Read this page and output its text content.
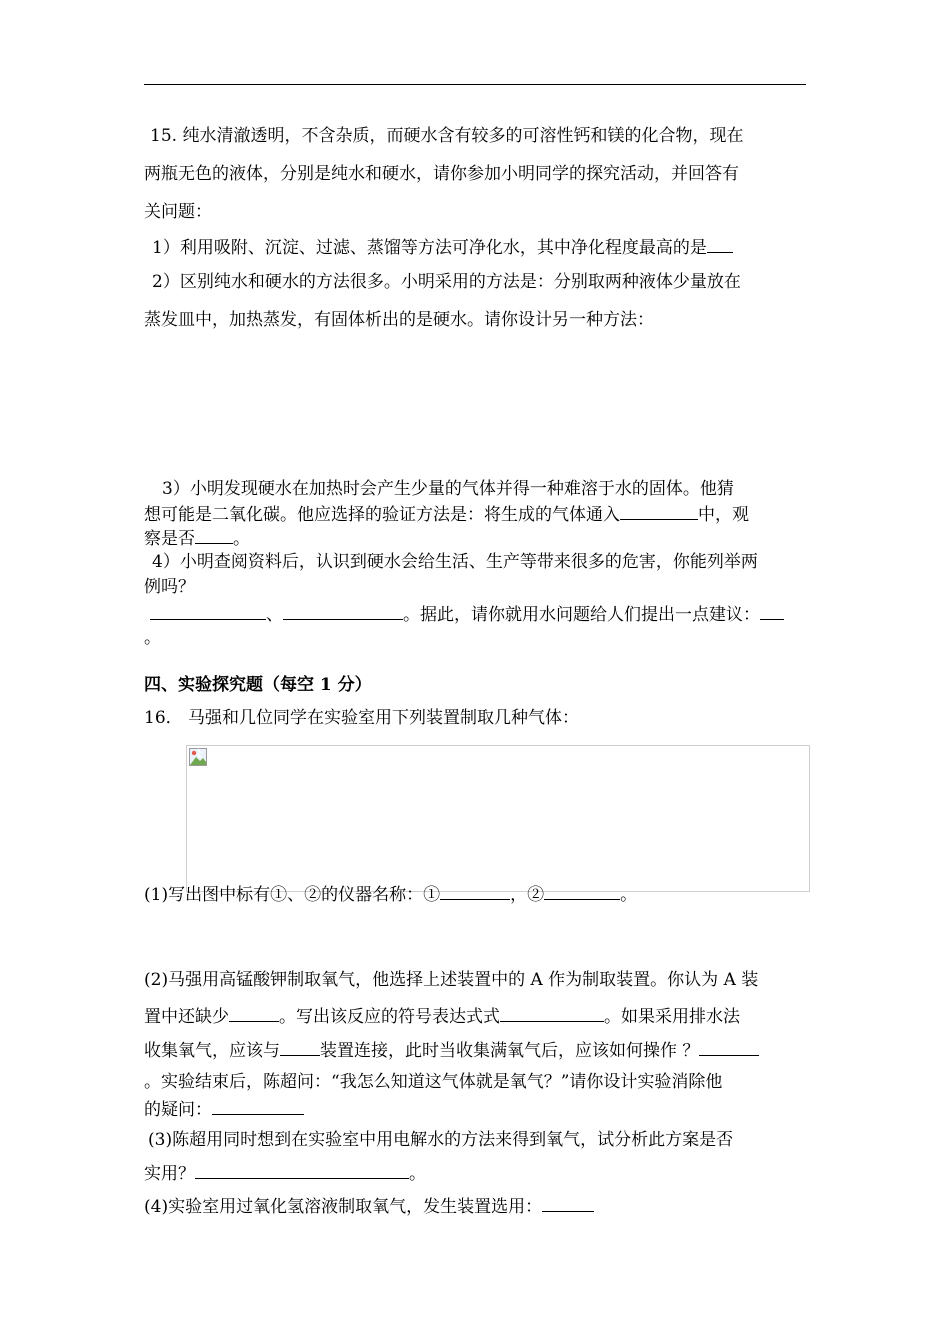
15. 纯水清澈透明，不含杂质，而硬水含有较多的可溶性钙和镁的化合物，现在
两瓶无色的液体，分别是纯水和硬水，请你参加小明同学的探究活动，并回答有
关问题：
1）利用吸附、沉淀、过滤、蒸馏等方法可净化水，其中净化程度最高的是
2）区别纯水和硬水的方法很多。小明采用的方法是：分别取两种液体少量放在
蒸发皿中，加热蒸发，有固体析出的是硬水。请你设计另一种方法：
3）小明发现硬水在加热时会产生少量的气体并得一种难溶于水的固体。他猜
想可能是二氧化碳。他应选择的验证方法是：将生成的气体通入	中，观
察是否 。
4）小明查阅资料后，认识到硬水会给生活、生产等带来很多的危害，你能列举两
例吗？
、	。据此，请你就用水问题给人们提出一点建议：
。
四、实验探究题（每空 1 分）
16． 马强和几位同学在实验室用下列装置制取几种气体：
(1)写出图中标有①、②的仪器名称：①	，②	。
(2)马强用高锰酸钾制取氧气，他选择上述装置中的 A 作为制取装置。你认为 A 装
置中还缺少	。写出该反应的符号表达式式	。如果采用排水法
收集氧气，应该与 装置连接，此时当收集满氧气后，应该如何操作 ？
。实验结束后，陈超问：“我怎么知道这气体就是氧气？”请你设计实验消除他
的疑问：
(3)陈超用同时想到在实验室中用电解水的方法来得到氧气，试分析此方案是否
实用？	。
(4)实验室用过氧化氢溶液制取氧气，发生装置选用：
